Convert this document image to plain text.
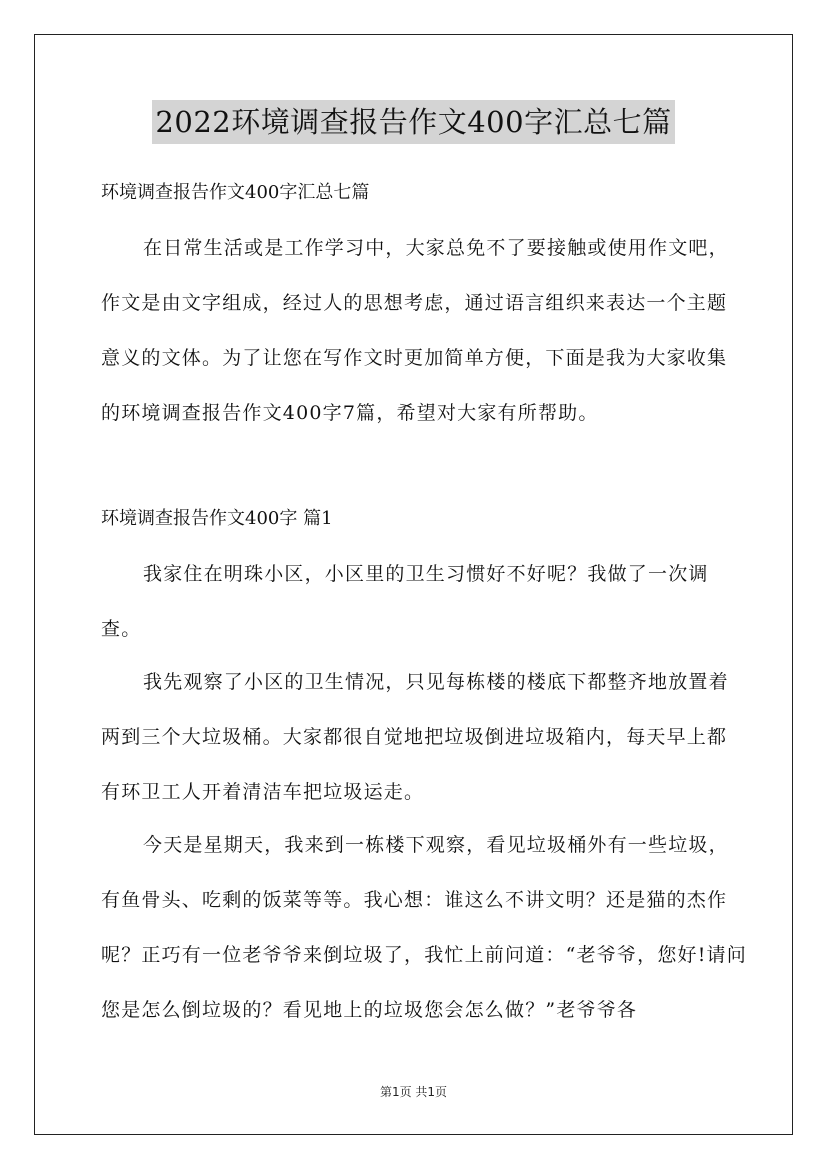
2022环境调查报告作文400字汇总七篇
环境调查报告作文400字汇总七篇

在日常生活或是工作学习中，大家总免不了要接触或使用作文吧，作文是由文字组成，经过人的思想考虑，通过语言组织来表达一个主题意义的文体。为了让您在写作文时更加简单方便，下面是我为大家收集的环境调查报告作文400字7篇，希望对大家有所帮助。

环境调查报告作文400字 篇1

我家住在明珠小区，小区里的卫生习惯好不好呢？我做了一次调查。

我先观察了小区的卫生情况，只见每栋楼的楼底下都整齐地放置着两到三个大垃圾桶。大家都很自觉地把垃圾倒进垃圾箱内，每天早上都有环卫工人开着清洁车把垃圾运走。

今天是星期天，我来到一栋楼下观察，看见垃圾桶外有一些垃圾，有鱼骨头、吃剩的饭菜等等。我心想：谁这么不讲文明？还是猫的杰作呢？正巧有一位老爷爷来倒垃圾了，我忙上前问道：“老爷爷，您好!请问您是怎么倒垃圾的？看见地上的垃圾您会怎么做？”老爷爷各

第1页 共1页
